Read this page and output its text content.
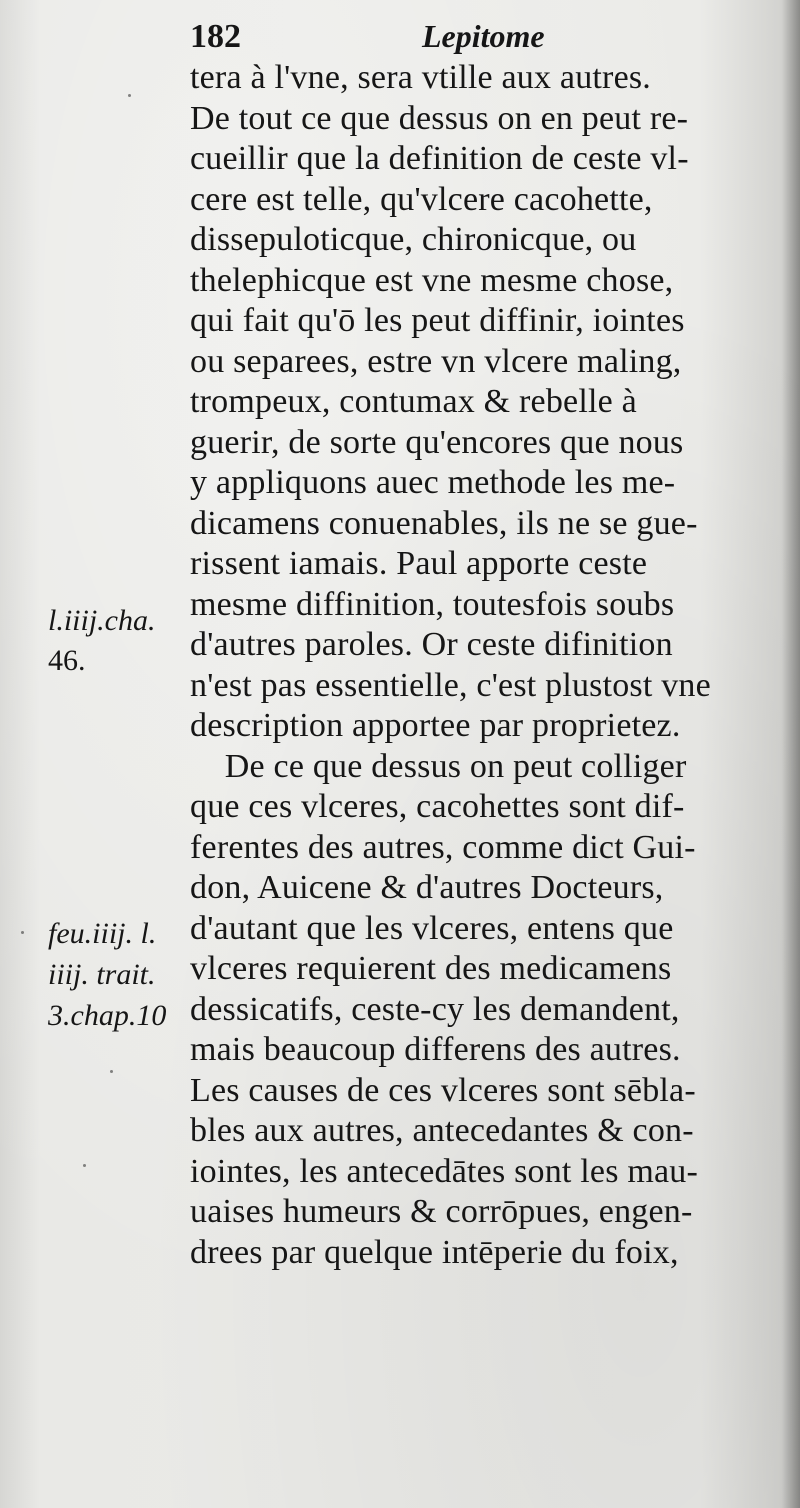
182	Lepitome
l.iiij.cha.
46.
feu.iiij. l.
iiij. trait.
3.chap.10
tera à l'vne, sera vtille aux autres.
De tout ce que dessus on en peut re-
cueillir que la definition de ceste vl-
cere est telle, qu'vlcere cacohette,
dissepuloticque, chironicque, ou
thelephicque est vne mesme chose,
qui fait qu'ō les peut diffinir, iointes
ou separees, estre vn vlcere maling,
trompeux, contumax & rebelle à
guerir, de sorte qu'encores que nous
y appliquons auec methode les me-
dicamens conuenables, ils ne se gue-
rissent iamais. Paul apporte ceste
mesme diffinition, toutesfois soubs
d'autres paroles. Or ceste difinition
n'est pas essentielle, c'est plustost vne
description apportee par proprietez.
De ce que dessus on peut colliger
que ces vlceres, cacohettes sont dif-
ferentes des autres, comme dict Gui-
don, Auicene & d'autres Docteurs,
d'autant que les vlceres, entens que
vlceres requierent des medicamens
dessicatifs, ceste-cy les demandent,
mais beaucoup differens des autres.
Les causes de ces vlceres sont sēbla-
bles aux autres, antecedantes & con-
iointes, les antecedātes sont les mau-
uaises humeurs & corrōpues, engen-
drees par quelque intēperie du foix,
